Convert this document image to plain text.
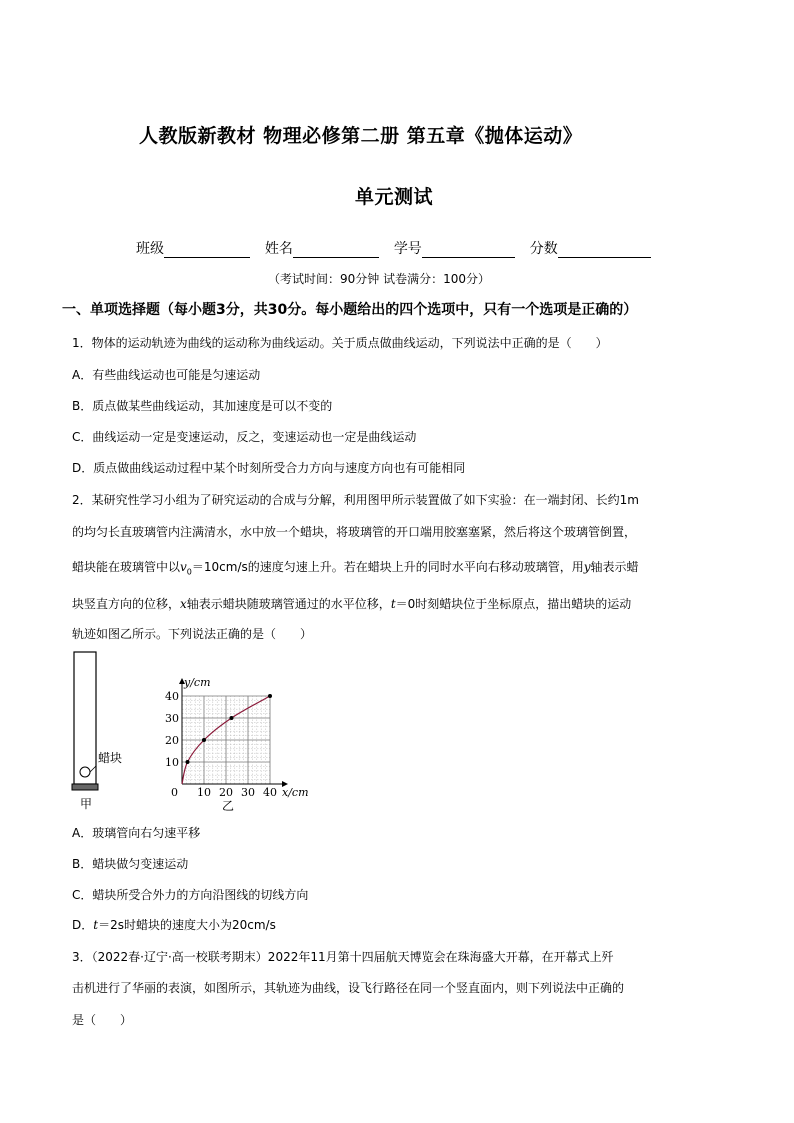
人教版新教材 物理必修第二册 第五章《抛体运动》
单元测试
班级	姓名	学号	分数
（考试时间：90分钟 试卷满分：100分）
一、单项选择题（每小题3分，共30分。每小题给出的四个选项中，只有一个选项是正确的）
1．物体的运动轨迹为曲线的运动称为曲线运动。关于质点做曲线运动，下列说法中正确的是（　　）
A．有些曲线运动也可能是匀速运动
B．质点做某些曲线运动，其加速度是可以不变的
C．曲线运动一定是变速运动，反之，变速运动也一定是曲线运动
D．质点做曲线运动过程中某个时刻所受合力方向与速度方向也有可能相同
2．某研究性学习小组为了研究运动的合成与分解，利用图甲所示装置做了如下实验：在一端封闭、长约1m
的均匀长直玻璃管内注满清水，水中放一个蜡块，将玻璃管的开口端用胶塞塞紧，然后将这个玻璃管倒置，
蜡块能在玻璃管中以$v_0=10cm/s$的速度匀速上升。若在蜡块上升的同时水平向右移动玻璃管，用y轴表示蜡
块竖直方向的位移，x轴表示蜡块随玻璃管通过的水平位移，t＝0时刻蜡块位于坐标原点，描出蜡块的运动
轨迹如图乙所示。下列说法正确的是（　　）
蜡块
甲
10 20 30 40
10
20
30
40
0	x/cm
y/cm
乙
A．玻璃管向右匀速平移
B．蜡块做匀变速运动
C．蜡块所受合外力的方向沿图线的切线方向
D．t＝2s时蜡块的速度大小为20cm/s
3．（2022春·辽宁·高一校联考期末）2022年11月第十四届航天博览会在珠海盛大开幕，在开幕式上歼
击机进行了华丽的表演，如图所示，其轨迹为曲线，设飞行路径在同一个竖直面内，则下列说法中正确的
是（　　）
